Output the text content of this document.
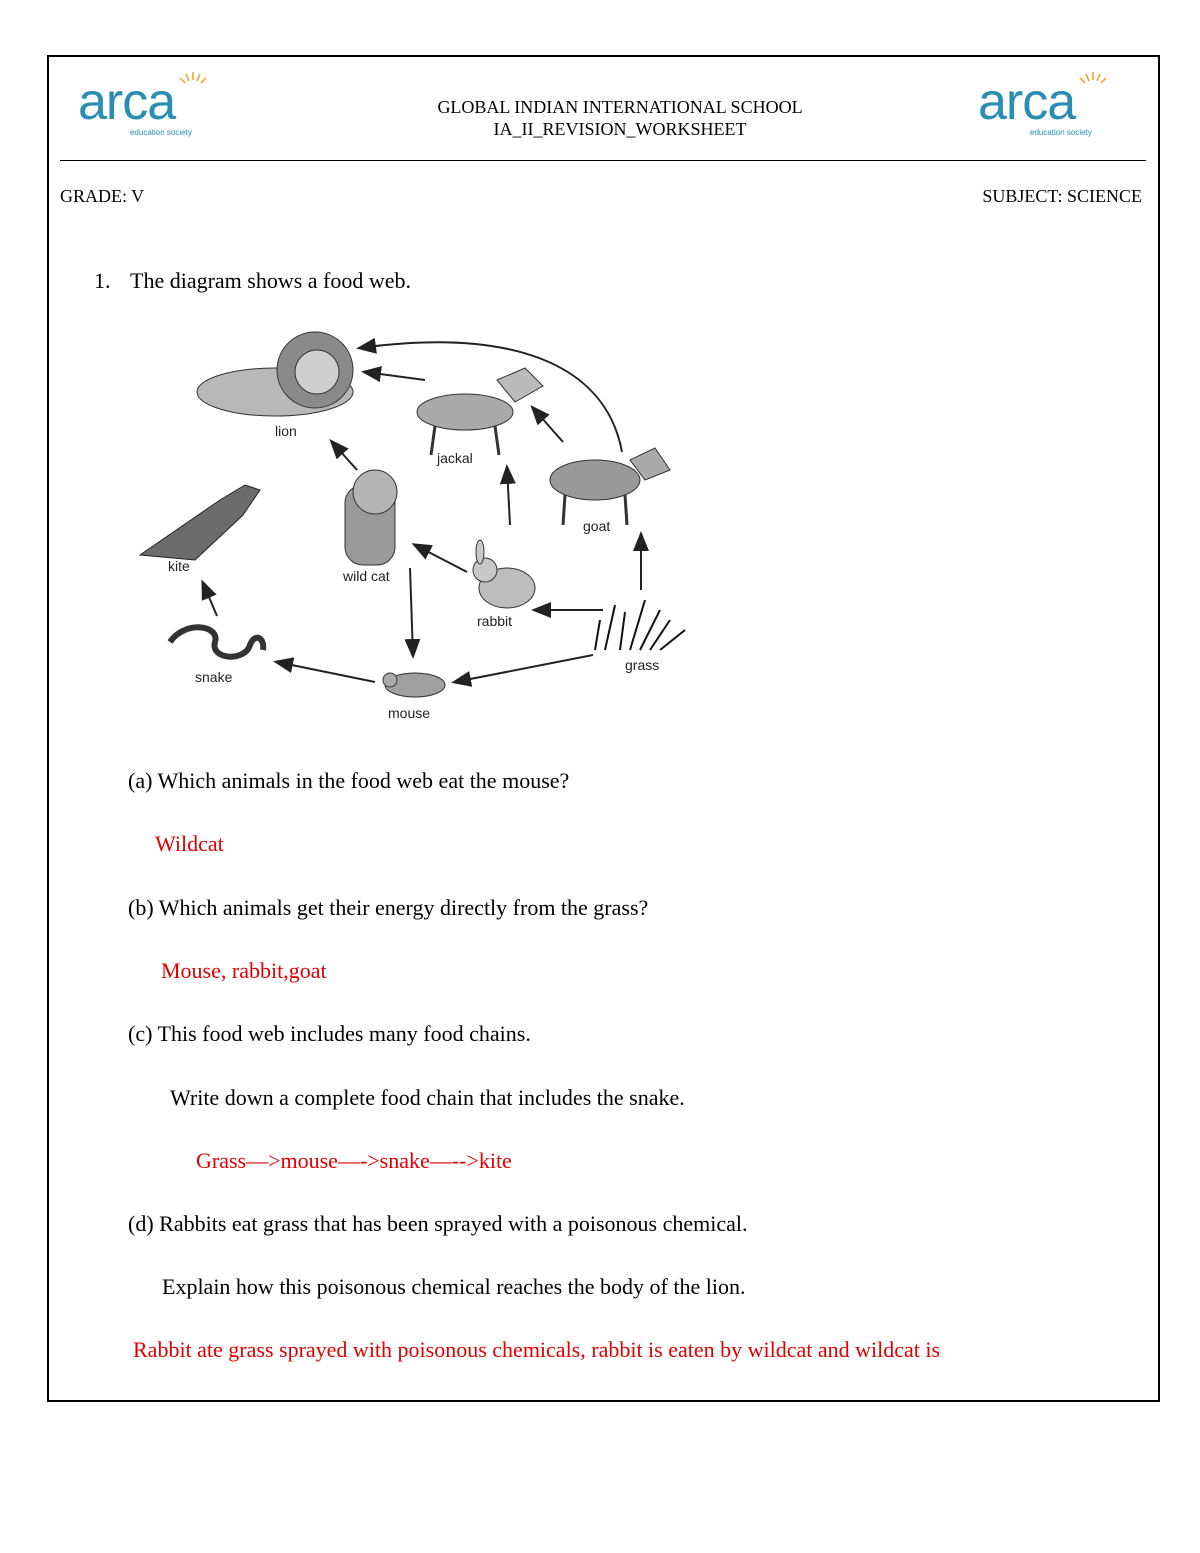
arca
education society
GLOBAL INDIAN INTERNATIONAL SCHOOL
IA_II_REVISION_WORKSHEET	arca
education society
GRADE: V	SUBJECT: SCIENCE
1. The diagram shows a food web.
lion
jackal
goat
kite
wild cat
rabbit
grass
snake
mouse
(a) Which animals in the food web eat the mouse?
Wildcat
(b) Which animals get their energy directly from the grass?
Mouse, rabbit,goat
(c) This food web includes many food chains.
Write down a complete food chain that includes the snake.
Grass—>mouse—->snake—-->kite
(d) Rabbits eat grass that has been sprayed with a poisonous chemical.
Explain how this poisonous chemical reaches the body of the lion.
Rabbit ate grass sprayed with poisonous chemicals, rabbit is eaten by wildcat and wildcat is
